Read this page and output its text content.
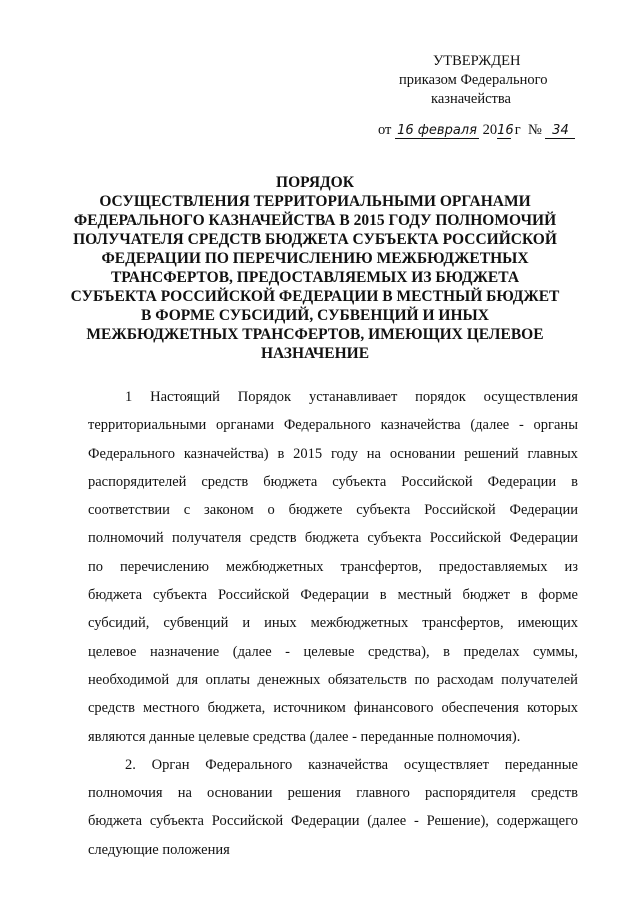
УТВЕРЖДЕН
приказом Федерального
казначейства
от 16 февраля 2016 г № 34
ПОРЯДОК
ОСУЩЕСТВЛЕНИЯ ТЕРРИТОРИАЛЬНЫМИ ОРГАНАМИ
ФЕДЕРАЛЬНОГО КАЗНАЧЕЙСТВА В 2015 ГОДУ ПОЛНОМОЧИЙ
ПОЛУЧАТЕЛЯ СРЕДСТВ БЮДЖЕТА СУБЪЕКТА РОССИЙСКОЙ
ФЕДЕРАЦИИ ПО ПЕРЕЧИСЛЕНИЮ МЕЖБЮДЖЕТНЫХ
ТРАНСФЕРТОВ, ПРЕДОСТАВЛЯЕМЫХ ИЗ БЮДЖЕТА
СУБЪЕКТА РОССИЙСКОЙ ФЕДЕРАЦИИ В МЕСТНЫЙ БЮДЖЕТ
В ФОРМЕ СУБСИДИЙ, СУБВЕНЦИЙ И ИНЫХ
МЕЖБЮДЖЕТНЫХ ТРАНСФЕРТОВ, ИМЕЮЩИХ ЦЕЛЕВОЕ
НАЗНАЧЕНИЕ
1 Настоящий Порядок устанавливает порядок осуществления
территориальными органами Федерального казначейства (далее - органы
Федерального казначейства) в 2015 году на основании решений главных
распорядителей средств бюджета субъекта Российской Федерации в
соответствии с законом о бюджете субъекта Российской Федерации
полномочий получателя средств бюджета субъекта Российской Федерации
по перечислению межбюджетных трансфертов, предоставляемых из
бюджета субъекта Российской Федерации в местный бюджет в форме
субсидий, субвенций и иных межбюджетных трансфертов, имеющих
целевое назначение (далее - целевые средства), в пределах суммы,
необходимой для оплаты денежных обязательств по расходам получателей
средств местного бюджета, источником финансового обеспечения которых
являются данные целевые средства (далее - переданные полномочия).
2. Орган Федерального казначейства осуществляет переданные
полномочия на основании решения главного распорядителя средств
бюджета субъекта Российской Федерации (далее - Решение), содержащего
следующие положения
